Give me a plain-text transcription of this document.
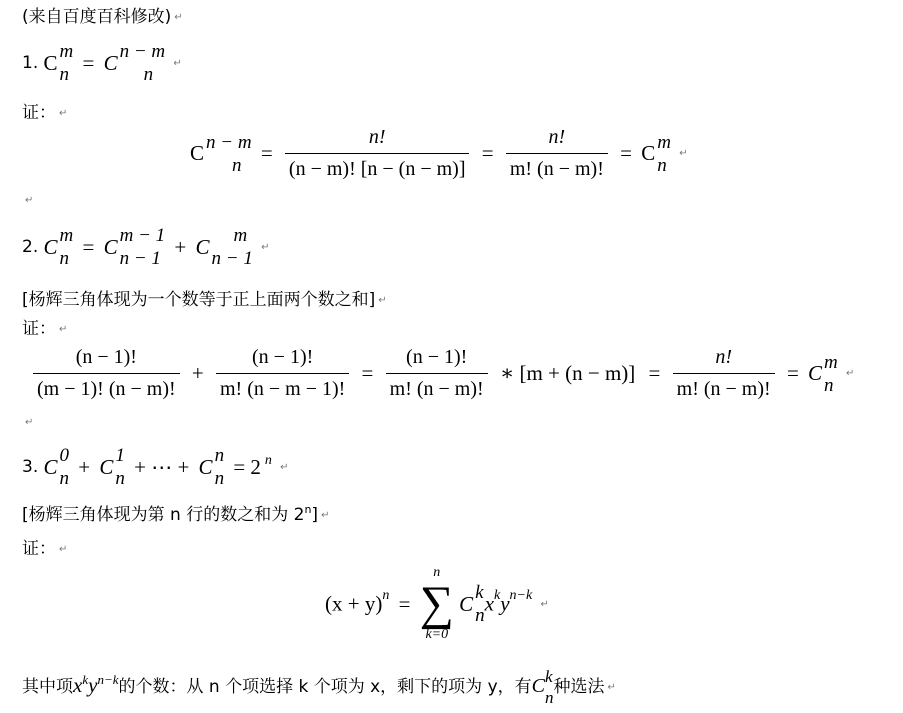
(来自百度百科修改) ↵
1. C m
n = C n − m
n
↵
证： ↵
C n − m
$n = \frac{n!}{(n - m)! [n - (n - m)]} = \frac{n!}{m! (n - m)!} = C$ m
n
↵
↵
2. C m
n = C m − 1
n − 1 + C	m
n − 1
↵
[杨辉三角体现为一个数等于正上面两个数之和] ↵
证： ↵
$\frac{(n - 1)!}{(m - 1)! (n - m)!} + \frac{(n - 1)!}{m! (n - m - 1)!} = \frac{(n - 1)!}{m! (n - m)!}$ ∗ $[m + (n - m)] = \frac{n!}{m! (n - m)!} = C$ m
n
↵
↵
3. C 0
n + C 1
n + ⋯ + C n
n = 2 $^n$ ↵
[杨辉三角体现为第 n 行的数之和为 2$^n$] ↵
证： ↵
$(x + y)^n$ =
n
∑
k=0
C k
n $x^ky^{n-k}$ ↵
其中项$x^ky^{n-k}$的个数：从 n 个项选择 k 个项为 x，剩下的项为 y，有C k
n
种选法 ↵
